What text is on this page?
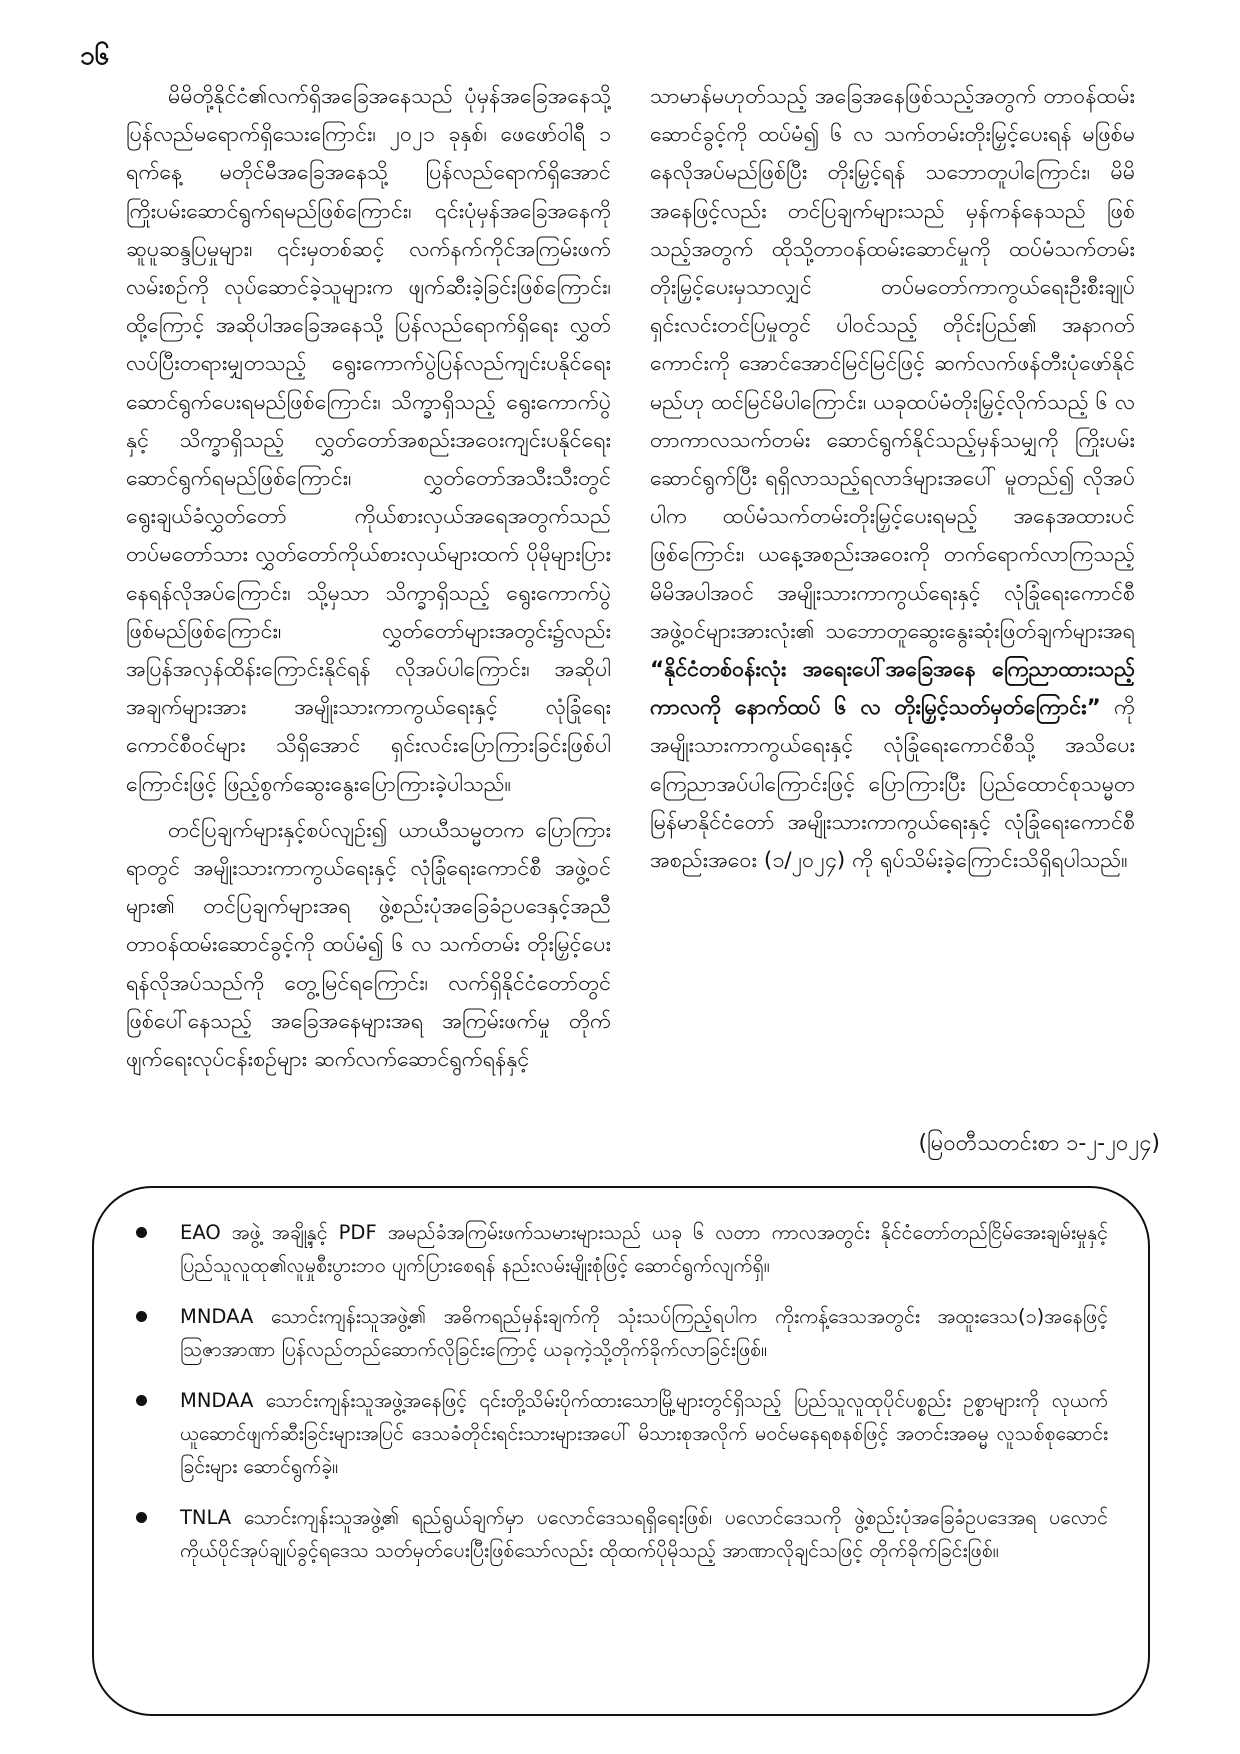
၁၆

မိမိတို့နိုင်ငံ၏လက်ရှိအခြေအနေသည် ပုံမှန်အခြေအနေသို့ ပြန်လည်မရောက်ရှိသေးကြောင်း၊ ၂၀၂၁ ခုနှစ်၊ ဖေဖော်ဝါရီ ၁ ရက်နေ့ မတိုင်မီအခြေအနေသို့ ပြန်လည်ရောက်ရှိအောင် ကြိုးပမ်းဆောင်ရွက်ရမည်ဖြစ်ကြောင်း၊ ၎င်းပုံမှန်အခြေအနေကို ဆူပူဆန္ဒပြမှုများ၊ ၎င်းမှတစ်ဆင့် လက်နက်ကိုင်အကြမ်းဖက်လမ်းစဉ်ကို လုပ်ဆောင်ခဲ့သူများက ဖျက်ဆီးခဲ့ခြင်းဖြစ်ကြောင်း၊ ထို့ကြောင့် အဆိုပါအခြေအနေသို့ ပြန်လည်ရောက်ရှိရေး လွှတ်လပ်ပြီးတရားမျှတသည့် ရွေးကောက်ပွဲပြန်လည်ကျင်းပနိုင်ရေး ဆောင်ရွက်ပေးရမည်ဖြစ်ကြောင်း၊ သိက္ခာရှိသည့် ရွေးကောက်ပွဲနှင့် သိက္ခာရှိသည့် လွှတ်တော်အစည်းအဝေးကျင်းပနိုင်ရေးဆောင်ရွက်ရမည်ဖြစ်ကြောင်း၊ လွှတ်တော်အသီးသီးတွင် ရွေးချယ်ခံလွှတ်တော် ကိုယ်စားလှယ်အရေအတွက်သည် တပ်မတော်သား လွှတ်တော်ကိုယ်စားလှယ်များထက် ပိုမိုများပြားနေရန်လိုအပ်ကြောင်း၊ သို့မှသာ သိက္ခာရှိသည့် ရွေးကောက်ပွဲဖြစ်မည်ဖြစ်ကြောင်း၊ လွှတ်တော်များအတွင်း၌လည်း အပြန်အလှန်ထိန်းကြောင်းနိုင်ရန် လိုအပ်ပါကြောင်း၊ အဆိုပါအချက်များအား အမျိုးသားကာကွယ်ရေးနှင့် လုံခြုံရေးကောင်စီဝင်များ သိရှိအောင် ရှင်းလင်းပြောကြားခြင်းဖြစ်ပါကြောင်းဖြင့် ဖြည့်စွက်ဆွေးနွေးပြောကြားခဲ့ပါသည်။

တင်ပြချက်များနှင့်စပ်လျဉ်း၍ ယာယီသမ္မတက ပြောကြားရာတွင် အမျိုးသားကာကွယ်ရေးနှင့် လုံခြုံရေးကောင်စီ အဖွဲ့ဝင်များ၏ တင်ပြချက်များအရ ဖွဲ့စည်းပုံအခြေခံဥပဒေနှင့်အညီ တာဝန်ထမ်းဆောင်ခွင့်ကို ထပ်မံ၍ ၆ လ သက်တမ်း တိုးမြှင့်ပေးရန်လိုအပ်သည်ကို တွေ့မြင်ရကြောင်း၊ လက်ရှိနိုင်ငံတော်တွင် ဖြစ်ပေါ်နေသည့် အခြေအနေများအရ အကြမ်းဖက်မှု တိုက်ဖျက်ရေးလုပ်ငန်းစဉ်များ ဆက်လက်ဆောင်ရွက်ရန်နှင့်

သာမာန်မဟုတ်သည့် အခြေအနေဖြစ်သည့်အတွက် တာဝန်ထမ်းဆောင်ခွင့်ကို ထပ်မံ၍ ၆ လ သက်တမ်းတိုးမြှင့်ပေးရန် မဖြစ်မနေလိုအပ်မည်ဖြစ်ပြီး တိုးမြှင့်ရန် သဘောတူပါကြောင်း၊ မိမိအနေဖြင့်လည်း တင်ပြချက်များသည် မှန်ကန်နေသည် ဖြစ်သည့်အတွက် ထိုသို့တာဝန်ထမ်းဆောင်မှုကို ထပ်မံသက်တမ်း တိုးမြှင့်ပေးမှသာလျှင် တပ်မတော်ကာကွယ်ရေးဦးစီးချုပ် ရှင်းလင်းတင်ပြမှုတွင် ပါဝင်သည့် တိုင်းပြည်၏ အနာဂတ်ကောင်းကို အောင်အောင်မြင်မြင်ဖြင့် ဆက်လက်ဖန်တီးပုံဖော်နိုင်မည်ဟု ထင်မြင်မိပါကြောင်း၊ ယခုထပ်မံတိုးမြှင့်လိုက်သည့် ၆ လ တာကာလသက်တမ်း ဆောင်ရွက်နိုင်သည့်မှန်သမျှကို ကြိုးပမ်းဆောင်ရွက်ပြီး ရရှိလာသည့်ရလာဒ်များအပေါ် မူတည်၍ လိုအပ်ပါက ထပ်မံသက်တမ်းတိုးမြှင့်ပေးရမည့် အနေအထားပင်ဖြစ်ကြောင်း၊ ယနေ့အစည်းအဝေးကို တက်ရောက်လာကြသည့် မိမိအပါအဝင် အမျိုးသားကာကွယ်ရေးနှင့် လုံခြုံရေးကောင်စီ အဖွဲ့ဝင်များအားလုံး၏ သဘောတူဆွေးနွေးဆုံးဖြတ်ချက်များအရ “နိုင်ငံတစ်ဝန်းလုံး အရေးပေါ်အခြေအနေ ကြေညာထားသည့်ကာလကို နောက်ထပ် ၆ လ တိုးမြှင့်သတ်မှတ်ကြောင်း” ကို အမျိုးသားကာကွယ်ရေးနှင့် လုံခြုံရေးကောင်စီသို့ အသိပေးကြေညာအပ်ပါကြောင်းဖြင့် ပြောကြားပြီး ပြည်ထောင်စုသမ္မတမြန်မာနိုင်ငံတော် အမျိုးသားကာကွယ်ရေးနှင့် လုံခြုံရေးကောင်စီ အစည်းအဝေး (၁/၂၀၂၄) ကို ရုပ်သိမ်းခဲ့ကြောင်းသိရှိရပါသည်။

(မြဝတီသတင်းစာ ၁-၂-၂၀၂၄)
EAO အဖွဲ့ အချို့နှင့် PDF အမည်ခံအကြမ်းဖက်သမားများသည် ယခု ၆ လတာ ကာလအတွင်း နိုင်ငံတော်တည်ငြိမ်အေးချမ်းမှုနှင့် ပြည်သူလူထု၏လူမှုစီးပွားဘဝ ပျက်ပြားစေရန် နည်းလမ်းမျိုးစုံဖြင့် ဆောင်ရွက်လျက်ရှိ။
MNDAA သောင်းကျန်းသူအဖွဲ့၏ အဓိကရည်မှန်းချက်ကို သုံးသပ်ကြည့်ရပါက ကိုးကန့်ဒေသအတွင်း အထူးဒေသ(၁)အနေဖြင့် ဩဇာအာဏာ ပြန်လည်တည်ဆောက်လိုခြင်းကြောင့် ယခုကဲ့သို့တိုက်ခိုက်လာခြင်းဖြစ်။
MNDAA သောင်းကျန်းသူအဖွဲ့အနေဖြင့် ၎င်းတို့သိမ်းပိုက်ထားသောမြို့များတွင်ရှိသည့် ပြည်သူလူထုပိုင်ပစ္စည်း ဥစ္စာများကို လုယက်ယူဆောင်ဖျက်ဆီးခြင်းများအပြင် ဒေသခံတိုင်းရင်းသားများအပေါ် မိသားစုအလိုက် မဝင်မနေရစနစ်ဖြင့် အတင်းအဓမ္မ လူသစ်စုဆောင်းခြင်းများ ဆောင်ရွက်ခဲ့။
TNLA သောင်းကျန်းသူအဖွဲ့၏ ရည်ရွယ်ချက်မှာ ပလောင်ဒေသရရှိရေးဖြစ်၊ ပလောင်ဒေသကို ဖွဲ့စည်းပုံအခြေခံဥပဒေအရ ပလောင်ကိုယ်ပိုင်အုပ်ချုပ်ခွင့်ရဒေသ သတ်မှတ်ပေးပြီးဖြစ်သော်လည်း ထိုထက်ပိုမိုသည့် အာဏာလိုချင်သဖြင့် တိုက်ခိုက်ခြင်းဖြစ်။
